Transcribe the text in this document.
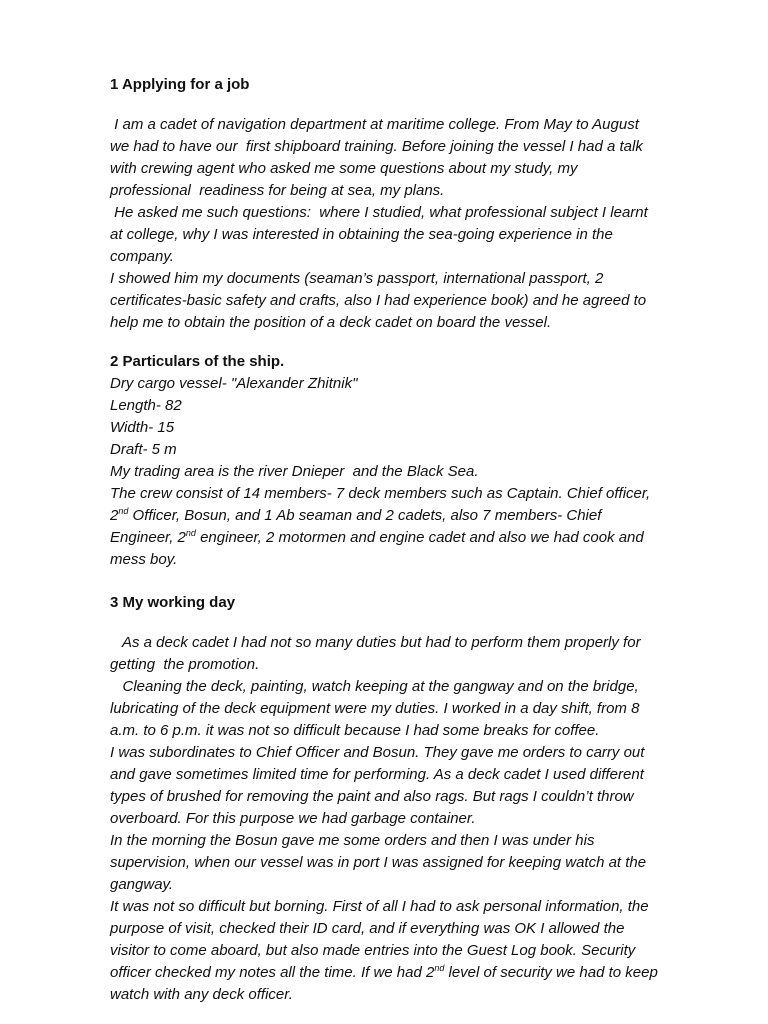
1 Applying for a job

I am a cadet of navigation department at maritime college. From May to August

we had to have our  first shipboard training. Before joining the vessel I had a talk

with crewing agent who asked me some questions about my study, my

professional  readiness for being at sea, my plans.

He asked me such questions:  where I studied, what professional subject I learnt

at college, why I was interested in obtaining the sea-going experience in the

company.

I showed him my documents (seaman’s passport, international passport, 2

certificates-basic safety and crafts, also I had experience book) and he agreed to

help me to obtain the position of a deck cadet on board the vessel.

2 Particulars of the ship.

Dry cargo vessel- "Alexander Zhitnik"

Length- 82

Width- 15

Draft- 5 m

My trading area is the river Dnieper  and the Black Sea.

The crew consist of 14 members- 7 deck members such as Captain. Chief officer,

2nd Officer, Bosun, and 1 Ab seaman and 2 cadets, also 7 members- Chief

Engineer, 2nd engineer, 2 motormen and engine cadet and also we had cook and

mess boy.

3 My working day

As a deck cadet I had not so many duties but had to perform them properly for

getting  the promotion.

Cleaning the deck, painting, watch keeping at the gangway and on the bridge,

lubricating of the deck equipment were my duties. I worked in a day shift, from 8

a.m. to 6 p.m. it was not so difficult because I had some breaks for coffee.

I was subordinates to Chief Officer and Bosun. They gave me orders to carry out

and gave sometimes limited time for performing. As a deck cadet I used different

types of brushed for removing the paint and also rags. But rags I couldn’t throw

overboard. For this purpose we had garbage container.

In the morning the Bosun gave me some orders and then I was under his

supervision, when our vessel was in port I was assigned for keeping watch at the

gangway.

It was not so difficult but borning. First of all I had to ask personal information, the

purpose of visit, checked their ID card, and if everything was OK I allowed the

visitor to come aboard, but also made entries into the Guest Log book. Security

officer checked my notes all the time. If we had 2nd level of security we had to keep

watch with any deck officer.
